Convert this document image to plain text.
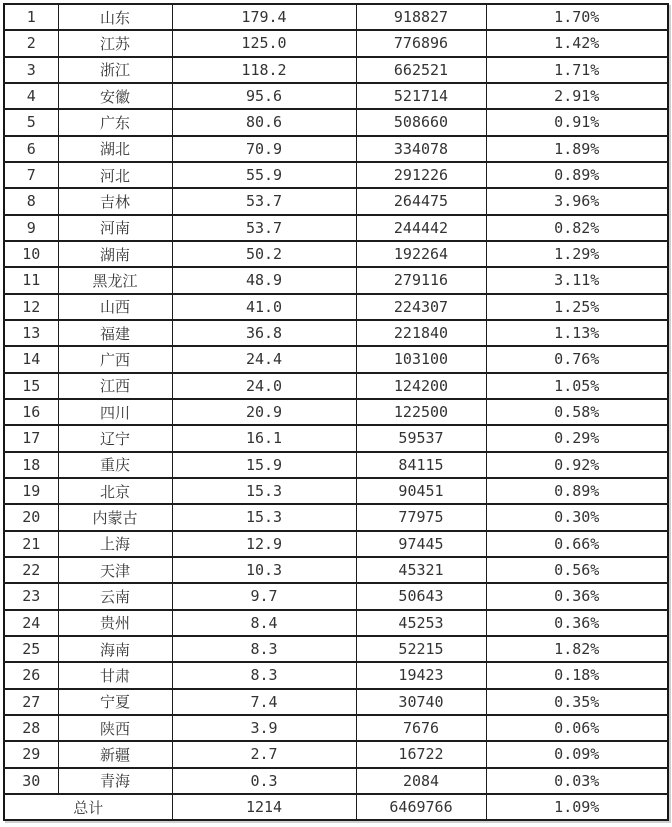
1	山东	179.4	918827	1.70%
2	江苏	125.0	776896	1.42%
3	浙江	118.2	662521	1.71%
4	安徽	95.6	521714	2.91%
5	广东	80.6	508660	0.91%
6	湖北	70.9	334078	1.89%
7	河北	55.9	291226	0.89%
8	吉林	53.7	264475	3.96%
9	河南	53.7	244442	0.82%
10	湖南	50.2	192264	1.29%
11	黑龙江	48.9	279116	3.11%
12	山西	41.0	224307	1.25%
13	福建	36.8	221840	1.13%
14	广西	24.4	103100	0.76%
15	江西	24.0	124200	1.05%
16	四川	20.9	122500	0.58%
17	辽宁	16.1	59537	0.29%
18	重庆	15.9	84115	0.92%
19	北京	15.3	90451	0.89%
20	内蒙古	15.3	77975	0.30%
21	上海	12.9	97445	0.66%
22	天津	10.3	45321	0.56%
23	云南	9.7	50643	0.36%
24	贵州	8.4	45253	0.36%
25	海南	8.3	52215	1.82%
26	甘肃	8.3	19423	0.18%
27	宁夏	7.4	30740	0.35%
28	陕西	3.9	7676	0.06%
29	新疆	2.7	16722	0.09%
30	青海	0.3	2084	0.03%
总计		1214	6469766	1.09%
